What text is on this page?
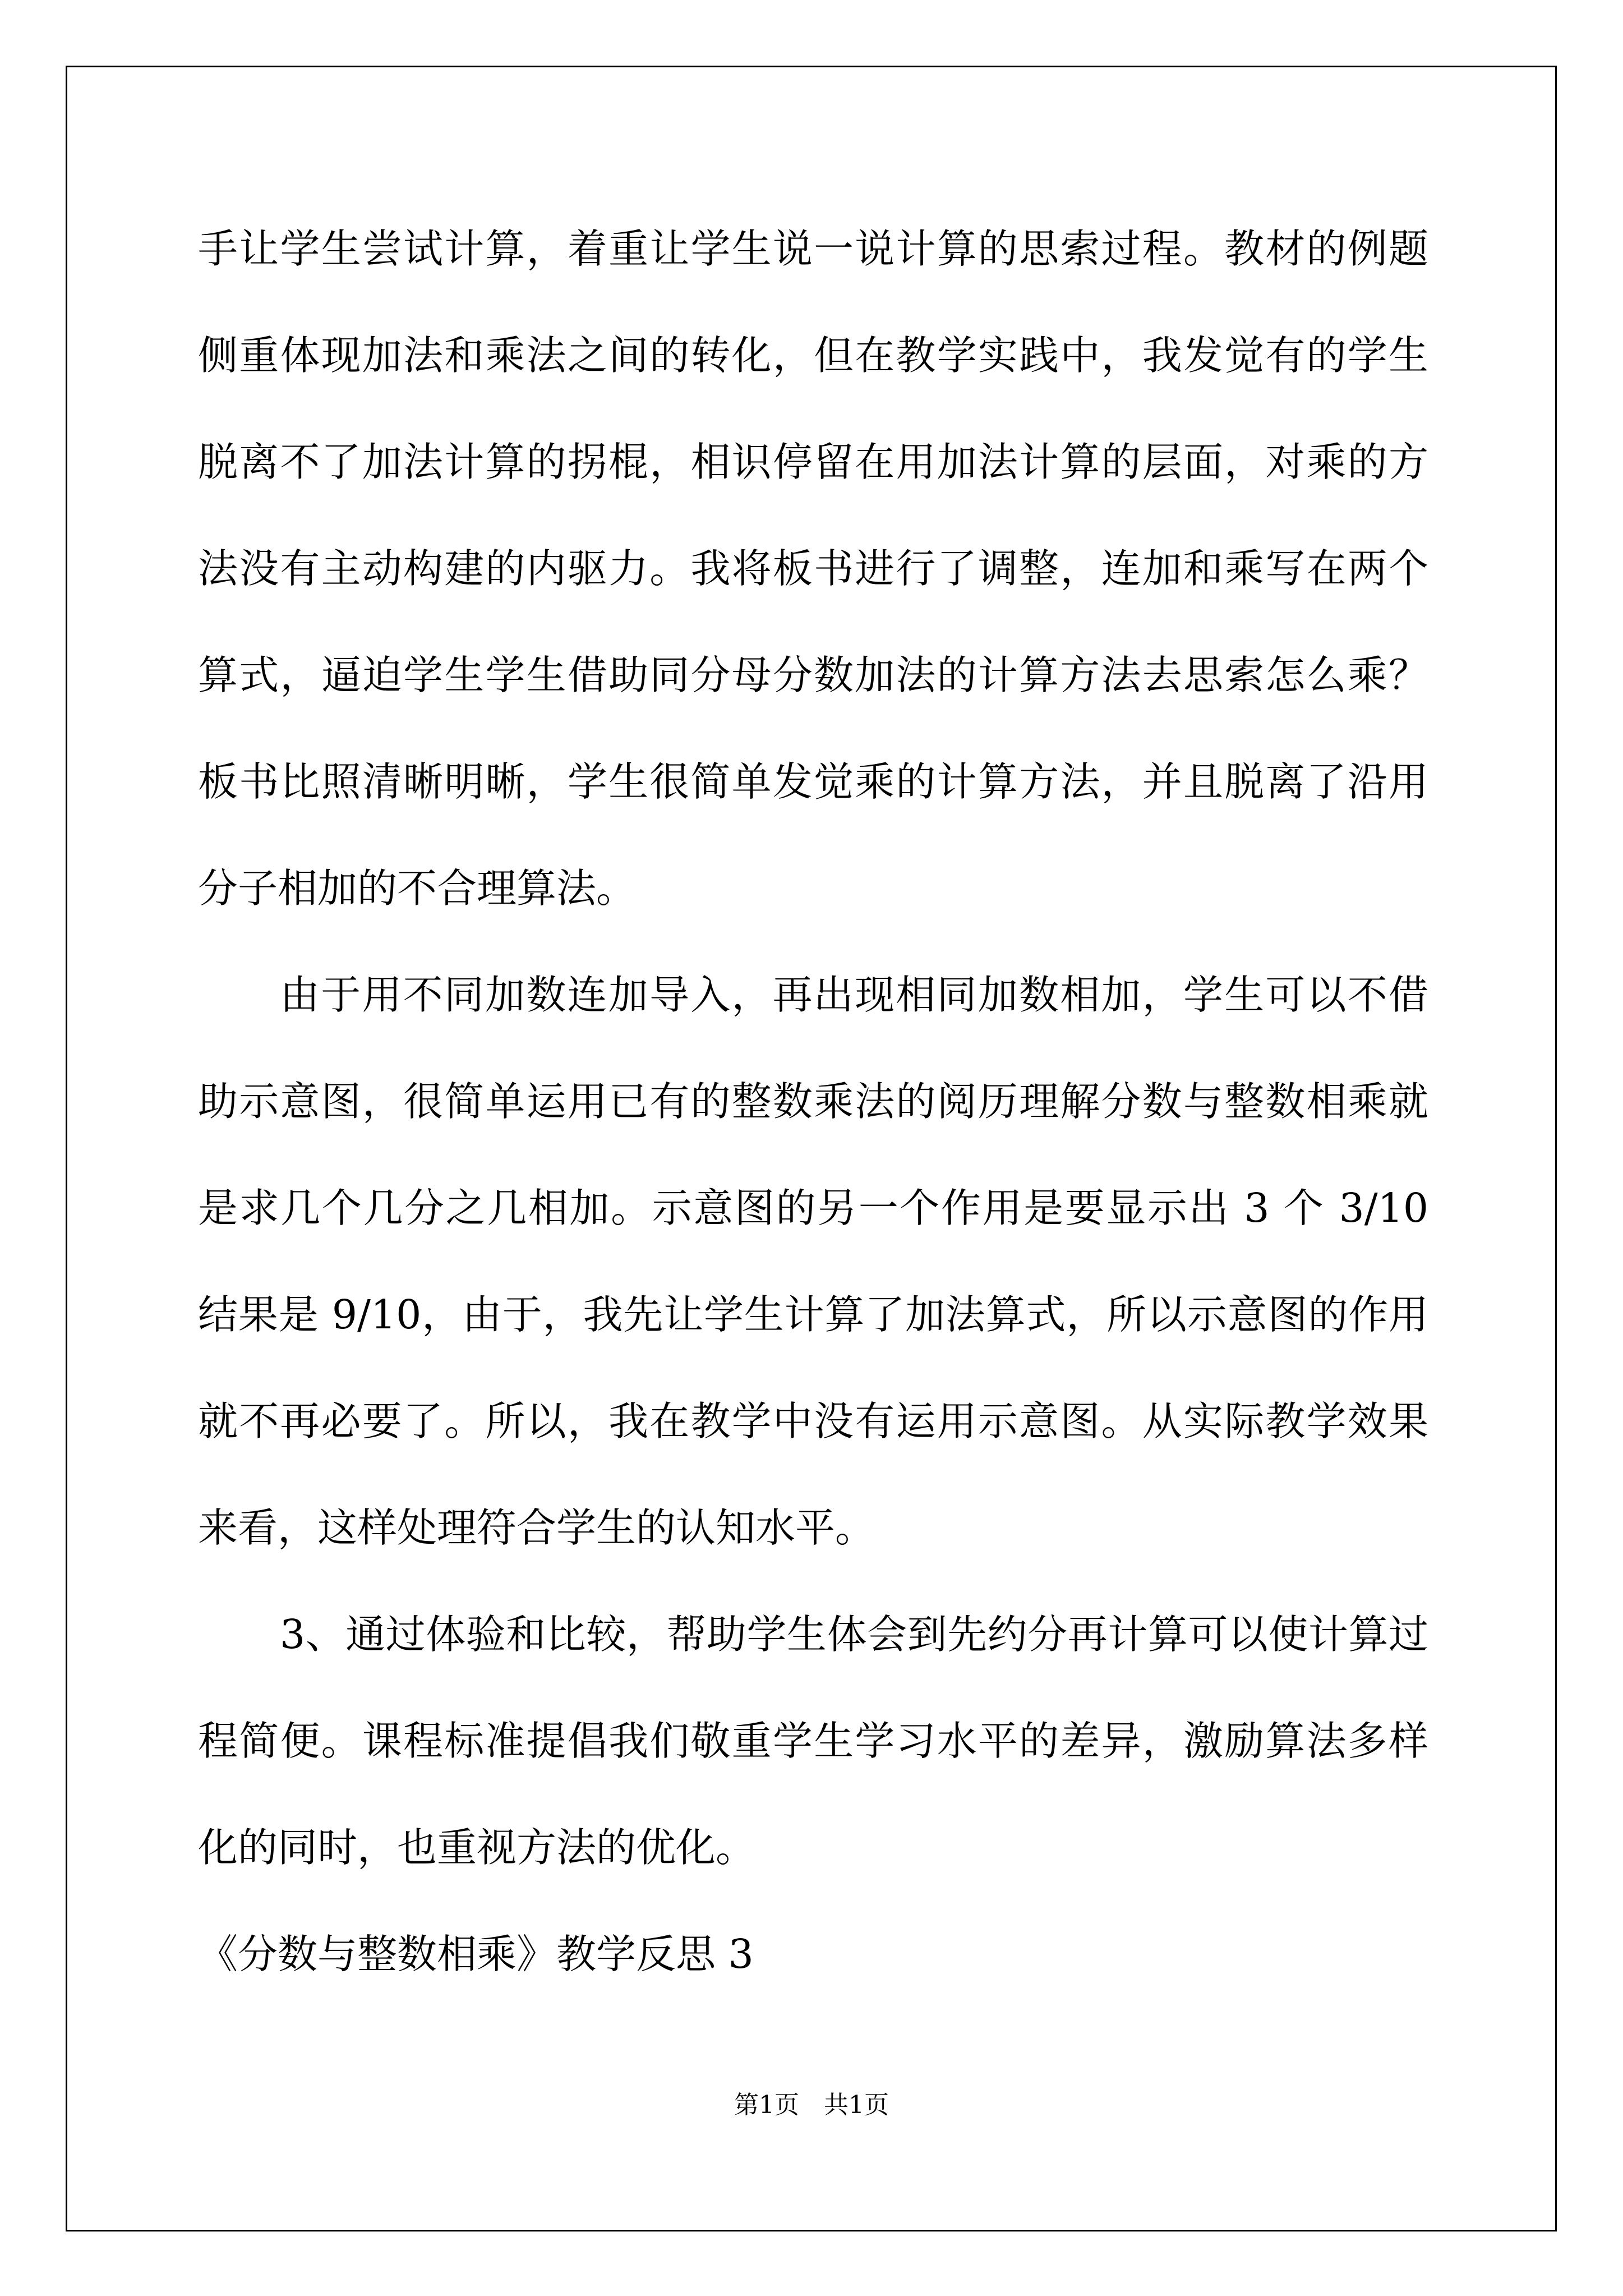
手让学生尝试计算，着重让学生说一说计算的思索过程。教材的例题
侧重体现加法和乘法之间的转化，但在教学实践中，我发觉有的学生
脱离不了加法计算的拐棍，相识停留在用加法计算的层面，对乘的方
法没有主动构建的内驱力。我将板书进行了调整，连加和乘写在两个
算式，逼迫学生学生借助同分母分数加法的计算方法去思索怎么乘？
板书比照清晰明晰，学生很简单发觉乘的计算方法，并且脱离了沿用
分子相加的不合理算法。
由于用不同加数连加导入，再出现相同加数相加，学生可以不借
助示意图，很简单运用已有的整数乘法的阅历理解分数与整数相乘就
是求几个几分之几相加。示意图的另一个作用是要显示出 3 个 3/10
结果是 9/10，由于，我先让学生计算了加法算式，所以示意图的作用
就不再必要了。所以，我在教学中没有运用示意图。从实际教学效果
来看，这样处理符合学生的认知水平。
3、通过体验和比较，帮助学生体会到先约分再计算可以使计算过
程简便。课程标准提倡我们敬重学生学习水平的差异，激励算法多样
化的同时，也重视方法的优化。
《分数与整数相乘》教学反思 3
第1页　共1页
